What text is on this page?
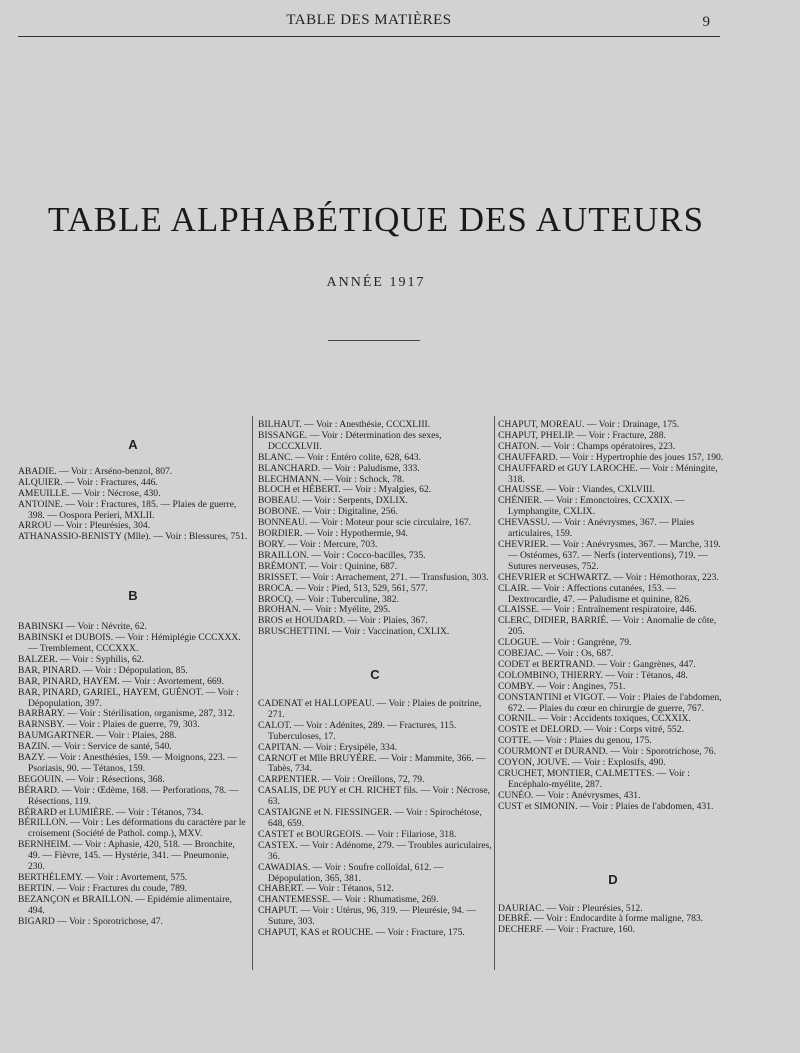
TABLE DES MATIÈRES	9
TABLE ALPHABÉTIQUE DES AUTEURS
ANNÉE 1917

A

ABADIE. — Voir : Arséno-benzol, 807.

ALQUIER. — Voir : Fractures, 446.

AMEUILLE. — Voir : Nécrose, 430.

ANTOINE. — Voir : Fractures, 185. — Plaies de guerre, 398. — Oospora Perieri, MXLII.

ARROU — Voir : Pleurésies, 304.

ATHANASSIO-BENISTY (Mlle). — Voir : Blessures, 751.

B

BABINSKI — Voir : Névrite, 62.

BABINSKI et DUBOIS. — Voir : Hémiplégie CCCXXX. — Tremblement, CCCXXX.

BALZER. — Voir : Syphilis, 62.

BAR, PINARD. — Voir : Dépopulation, 85.

BAR, PINARD, HAYEM. — Voir : Avortement, 669.

BAR, PINARD, GARIEL, HAYEM, GUÉNOT. — Voir : Dépopulation, 397.

BARBARY. — Voir : Stérilisation, organisme, 287, 312.

BARNSBY. — Voir : Plaies de guerre, 79, 303.

BAUMGARTNER. — Voir : Plaies, 288.

BAZIN. — Voir : Service de santé, 540.

BAZY. — Voir : Anesthésies, 159. — Moignons, 223. — Psoriasis, 90. — Tétanos, 159.

BEGOUIN. — Voir : Résections, 368.

BÉRARD. — Voir : Œdème, 168. — Perforations, 78. — Résections, 119.

BÉRARD et LUMIÈRE. — Voir : Tétanos, 734.

BÉRILLON. — Voir : Les déformations du caractère par le croisement (Société de Pathol. comp.), MXV.

BERNHEIM. — Voir : Aphasie, 420, 518. — Bronchite, 49. — Fièvre, 145. — Hystérie, 341. — Pneumonie, 230.

BERTHÉLEMY. — Voir : Avortement, 575.

BERTIN. — Voir : Fractures du coude, 789.

BEZANÇON et BRAILLON. — Epidémie alimentaire, 494.

BIGARD — Voir : Sporotrichose, 47.

BILHAUT. — Voir : Anesthésie, CCCXLIII.

BISSANGE. — Voir : Détermination des sexes, DCCCXLVII.

BLANC. — Voir : Entéro colite, 628, 643.

BLANCHARD. — Voir : Paludisme, 333.

BLECHMANN. — Voir : Schock, 78.

BLOCH et HÉBERT. — Voir : Myalgies, 62.

BOBEAU. — Voir : Serpents, DXLIX.

BOBONE. — Voir : Digitaline, 256.

BONNEAU. — Voir : Moteur pour scie circulaire, 167.

BORDIER. — Voir : Hypothermie, 94.

BORY. — Voir : Mercure, 703.

BRAILLON. — Voir : Cocco-bacilles, 735.

BRÉMONT. — Voir : Quinine, 687.

BRISSET. — Voir : Arrachement, 271. — Transfusion, 303.

BROCA. — Voir : Pied, 513, 529, 561, 577.

BROCQ. — Voir : Tuberculine, 382.

BROHAN. — Voir : Myélite, 295.

BROS et HOUDARD. — Voir : Plaies, 367.

BRUSCHETTINI. — Voir : Vaccination, CXLIX.

C

CADENAT et HALLOPEAU. — Voir : Plaies de poitrine, 271.

CALOT. — Voir : Adénites, 289. — Fractures, 115. Tuberculoses, 17.

CAPITAN. — Voir : Erysipèle, 334.

CARNOT et Mlle BRUYÈRE. — Voir : Mammite, 366. — Tabès, 734.

CARPENTIER. — Voir : Oreillons, 72, 79.

CASALIS, DE PUY et CH. RICHET fils. — Voir : Nécrose, 63.

CASTAIGNE et N. FIESSINGER. — Voir : Spirochétose, 648, 659.

CASTET et BOURGEOIS. — Voir : Filariose, 318.

CASTEX. — Voir : Adénome, 279. — Troubles auriculaires, 36.

CAWADIAS. — Voir : Soufre colloïdal, 612. — Dépopulation, 365, 381.

CHABERT. — Voir : Tétanos, 512.

CHANTEMESSE. — Voir : Rhumatisme, 269.

CHAPUT. — Voir : Utérus, 96, 319. — Pleurésie, 94. — Suture, 303.

CHAPUT, KAS et ROUCHE. — Voir : Fracture, 175.

CHAPUT, MOREAU. — Voir : Drainage, 175.

CHAPUT, PHELIP. — Voir : Fracture, 288.

CHATON. — Voir : Champs opératoires, 223.

CHAUFFARD. — Voir : Hypertrophie des joues 157, 190.

CHAUFFARD et GUY LAROCHE. — Voir : Méningite, 318.

CHAUSSE. — Voir : Viandes, CXLVIII.

CHÉNIER. — Voir : Emonctoires, CCXXIX. — Lymphangite, CXLIX.

CHEVASSU. — Voir : Anévrysmes, 367. — Plaies articulaires, 159.

CHEVRIER. — Voir : Anévrysmes, 367. — Marche, 319. — Ostéomes, 637. — Nerfs (interventions), 719. — Sutures nerveuses, 752.

CHEVRIER et SCHWARTZ. — Voir : Hémothorax, 223.

CLAIR. — Voir : Affections cutanées, 153. — Dextrocardie, 47. — Paludisme et quinine, 826.

CLAISSE. — Voir : Entraînement respiratoire, 446.

CLERC, DIDIER, BARRIÉ. — Voir : Anomalie de côte, 205.

CLOGUE. — Voir : Gangrène, 79.

COBEJAC. — Voir : Os, 687.

CODET et BERTRAND. — Voir : Gangrènes, 447.

COLOMBINO, THIERRY. — Voir : Tétanos, 48.

COMBY. — Voir : Angines, 751.

CONSTANTINI et VIGOT. — Voir : Plaies de l'abdomen, 672. — Plaies du cœur en chirurgie de guerre, 767.

CORNIL. — Voir : Accidents toxiques, CCXXIX.

COSTE et DELORD. — Voir : Corps vitré, 552.

COTTE. — Voir : Plaies du genou, 175.

COURMONT et DURAND. — Voir : Sporotrichose, 76.

COYON, JOUVE. — Voir : Explosifs, 490.

CRUCHET, MONTIER, CALMETTES. — Voir : Encéphalo-myélite, 287.

CUNÉO. — Voir : Anévrysmes, 431.

CUST et SIMONIN. — Voir : Plaies de l'abdomen, 431.

D

DAURIAC. — Voir : Pleurésies, 512.

DEBRÉ. — Voir : Endocardite à forme maligne, 783.

DECHERF. — Voir : Fracture, 160.
